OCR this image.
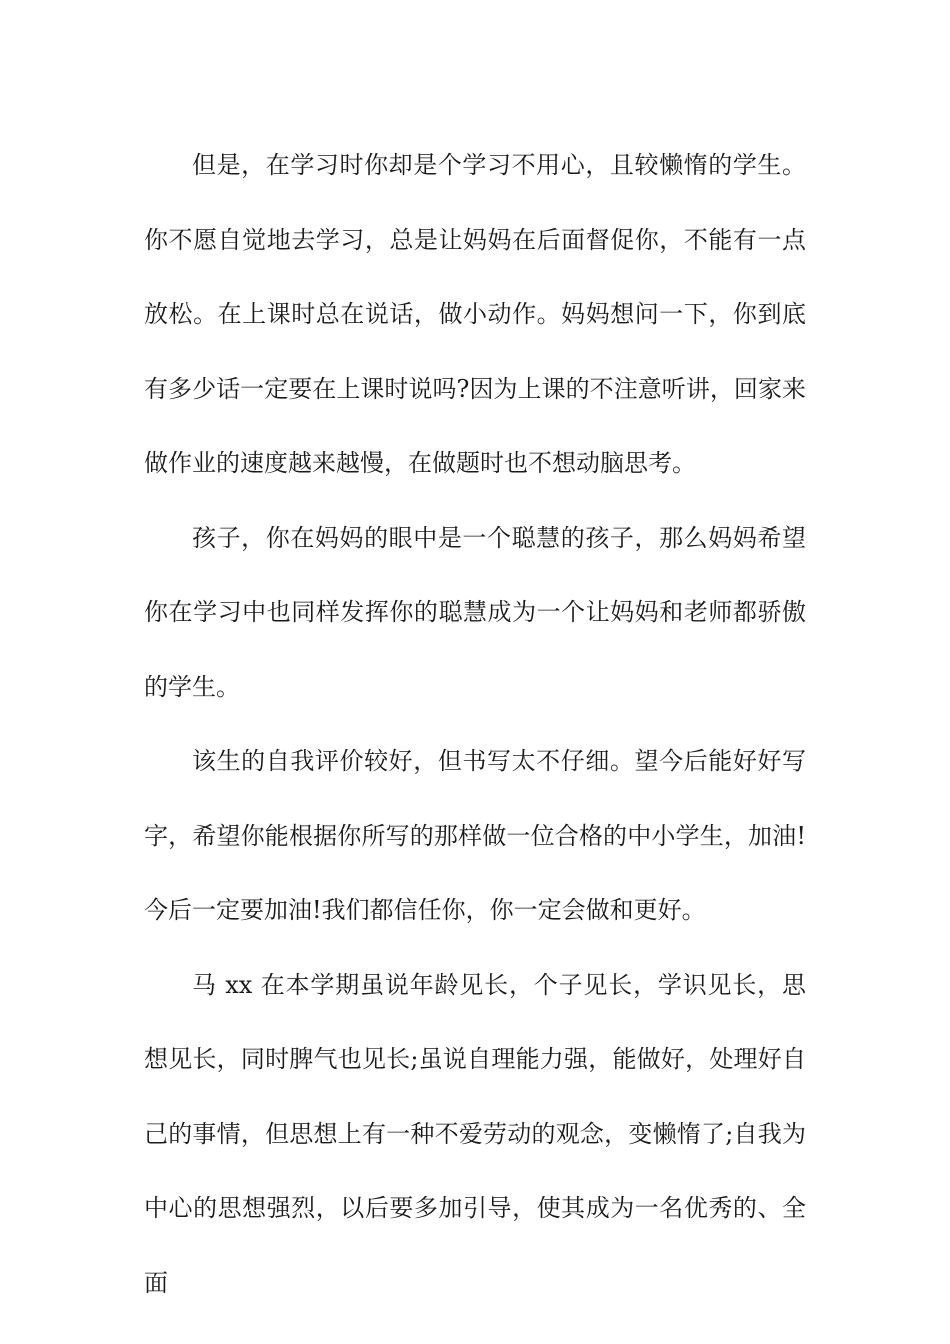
但是，在学习时你却是个学习不用心，且较懒惰的学生。你不愿自觉地去学习，总是让妈妈在后面督促你，不能有一点放松。在上课时总在说话，做小动作。妈妈想问一下，你到底有多少话一定要在上课时说吗?因为上课的不注意听讲，回家来做作业的速度越来越慢，在做题时也不想动脑思考。

孩子，你在妈妈的眼中是一个聪慧的孩子，那么妈妈希望你在学习中也同样发挥你的聪慧成为一个让妈妈和老师都骄傲的学生。

该生的自我评价较好，但书写太不仔细。望今后能好好写字，希望你能根据你所写的那样做一位合格的中小学生，加油!今后一定要加油!我们都信任你，你一定会做和更好。

马 xx 在本学期虽说年龄见长，个子见长，学识见长，思想见长，同时脾气也见长;虽说自理能力强，能做好，处理好自己的事情，但思想上有一种不爱劳动的观念，变懒惰了;自我为中心的思想强烈，以后要多加引导，使其成为一名优秀的、全面
